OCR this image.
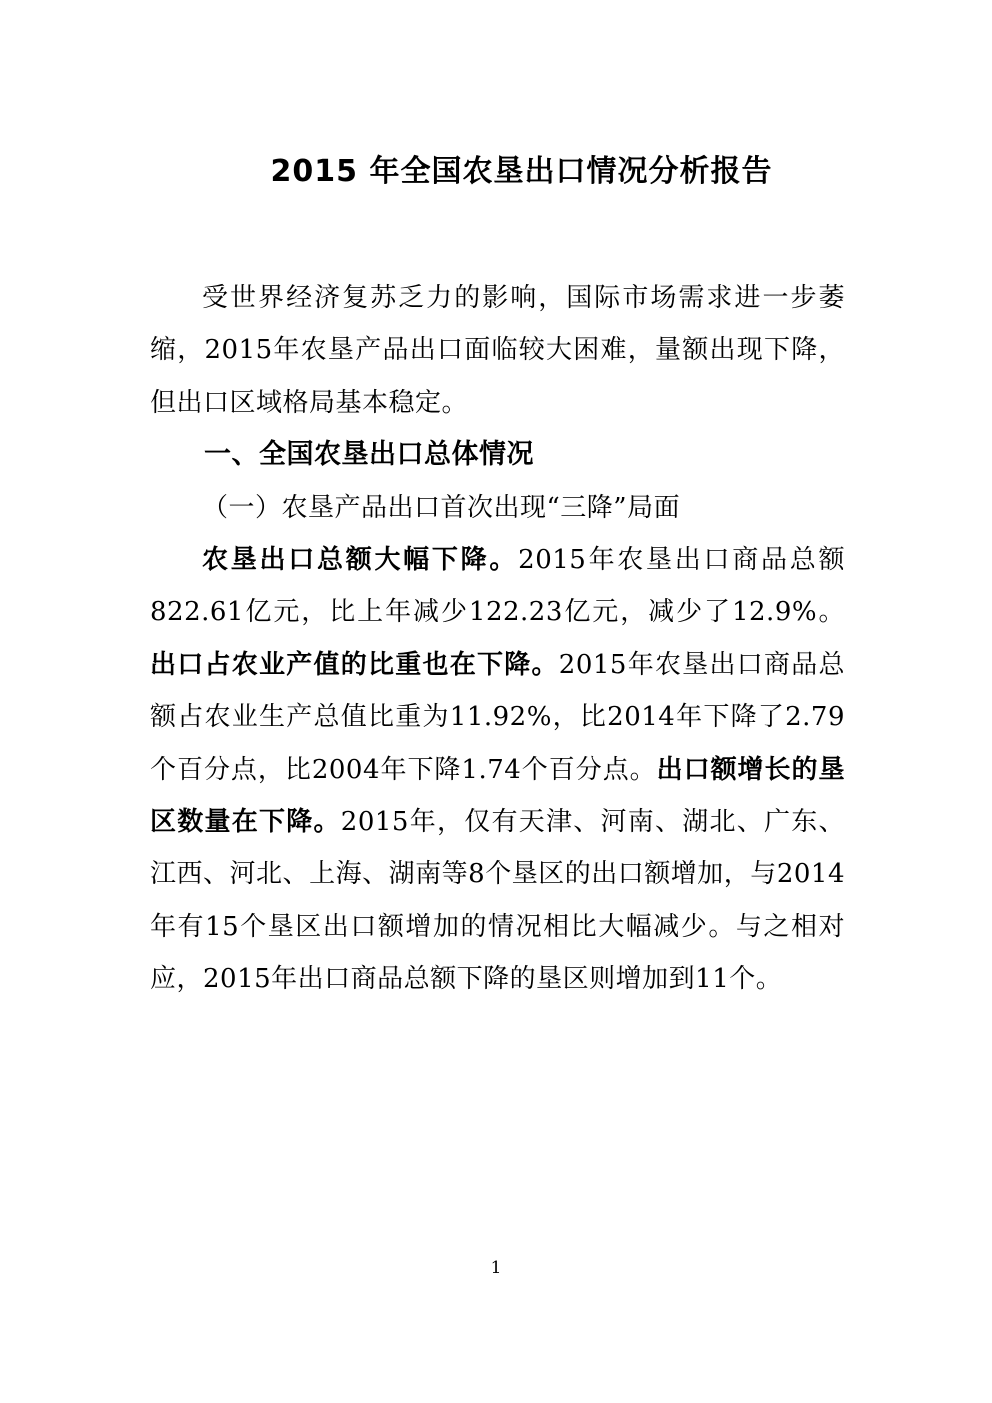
2015 年全国农垦出口情况分析报告

受世界经济复苏乏力的影响，国际市场需求进一步萎缩，2015年农垦产品出口面临较大困难，量额出现下降，但出口区域格局基本稳定。

一、全国农垦出口总体情况
（一）农垦产品出口首次出现“三降”局面

农垦出口总额大幅下降。2015年农垦出口商品总额822.61亿元，比上年减少122.23亿元，减少了12.9%。出口占农业产值的比重也在下降。2015年农垦出口商品总额占农业生产总值比重为11.92%，比2014年下降了2.79个百分点，比2004年下降1.74个百分点。出口额增长的垦区数量在下降。2015年，仅有天津、河南、湖北、广东、江西、河北、上海、湖南等8个垦区的出口额增加，与2014年有15个垦区出口额增加的情况相比大幅减少。与之相对应，2015年出口商品总额下降的垦区则增加到11个。

1
